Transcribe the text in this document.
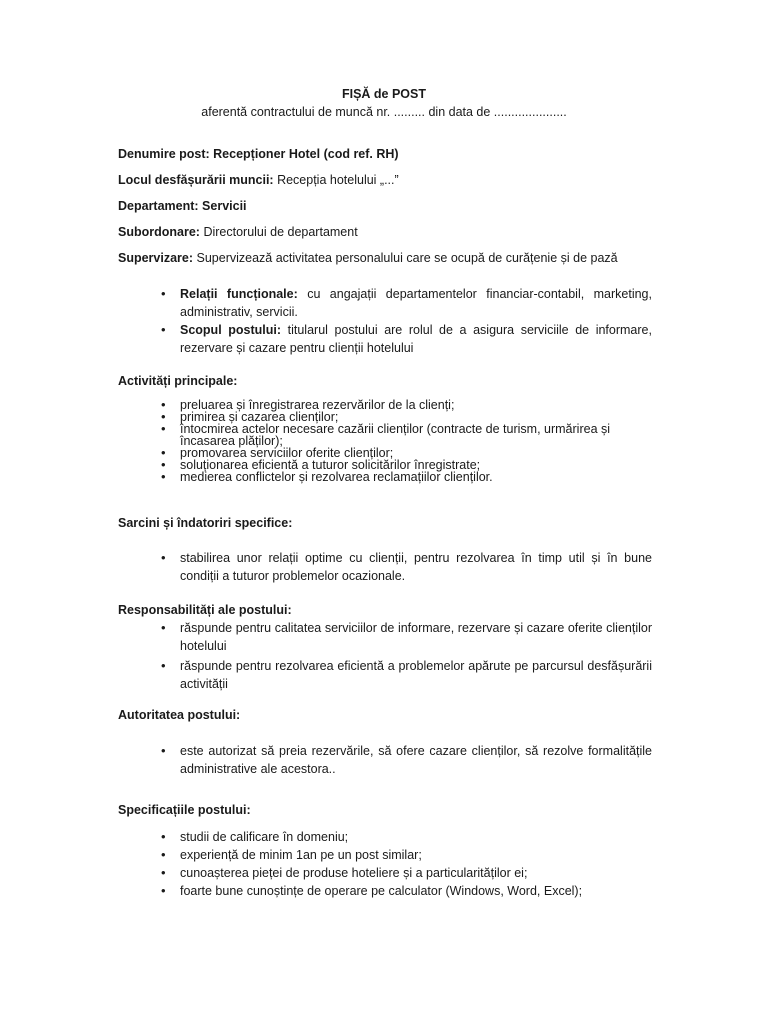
FIȘĂ de POST

aferentă contractului de muncă nr. ......... din data de .....................

Denumire post: Recepționer Hotel (cod ref. RH)

Locul desfășurării muncii: Recepția hotelului „...”

Departament: Servicii

Subordonare: Directorului de departament

Supervizare: Supervizează activitatea personalului care se ocupă de curățenie și de pază

• Relații funcționale: cu angajații departamentelor financiar-contabil, marketing, administrativ, servicii.
• Scopul postului: titularul postului are rolul de a asigura serviciile de informare, rezervare și cazare pentru clienții hotelului

Activități principale:

• preluarea și înregistrarea rezervărilor de la clienți;
• primirea și cazarea clienților;
• întocmirea actelor necesare cazării clienților (contracte de turism, urmărirea și încasarea plăților);
• promovarea serviciilor oferite clienților;
• soluționarea eficientă a tuturor solicitărilor înregistrate;
• medierea conflictelor și rezolvarea reclamațiilor clienților.

Sarcini și îndatoriri specifice:

• stabilirea unor relații optime cu clienții, pentru rezolvarea în timp util și în bune condiții a tuturor problemelor ocazionale.

Responsabilități ale postului:

• răspunde pentru calitatea serviciilor de informare, rezervare și cazare oferite clienților hotelului
• răspunde pentru rezolvarea eficientă a problemelor apărute pe parcursul desfășurării activității

Autoritatea postului:

• este autorizat să preia rezervările, să ofere cazare clienților, să rezolve formalitățile administrative ale acestora..

Specificațiile postului:

• studii de calificare în domeniu;
• experiență de minim 1an pe un post similar;
• cunoașterea pieței de produse hoteliere și a particularităților ei;
• foarte bune cunoștințe de operare pe calculator (Windows, Word, Excel);
